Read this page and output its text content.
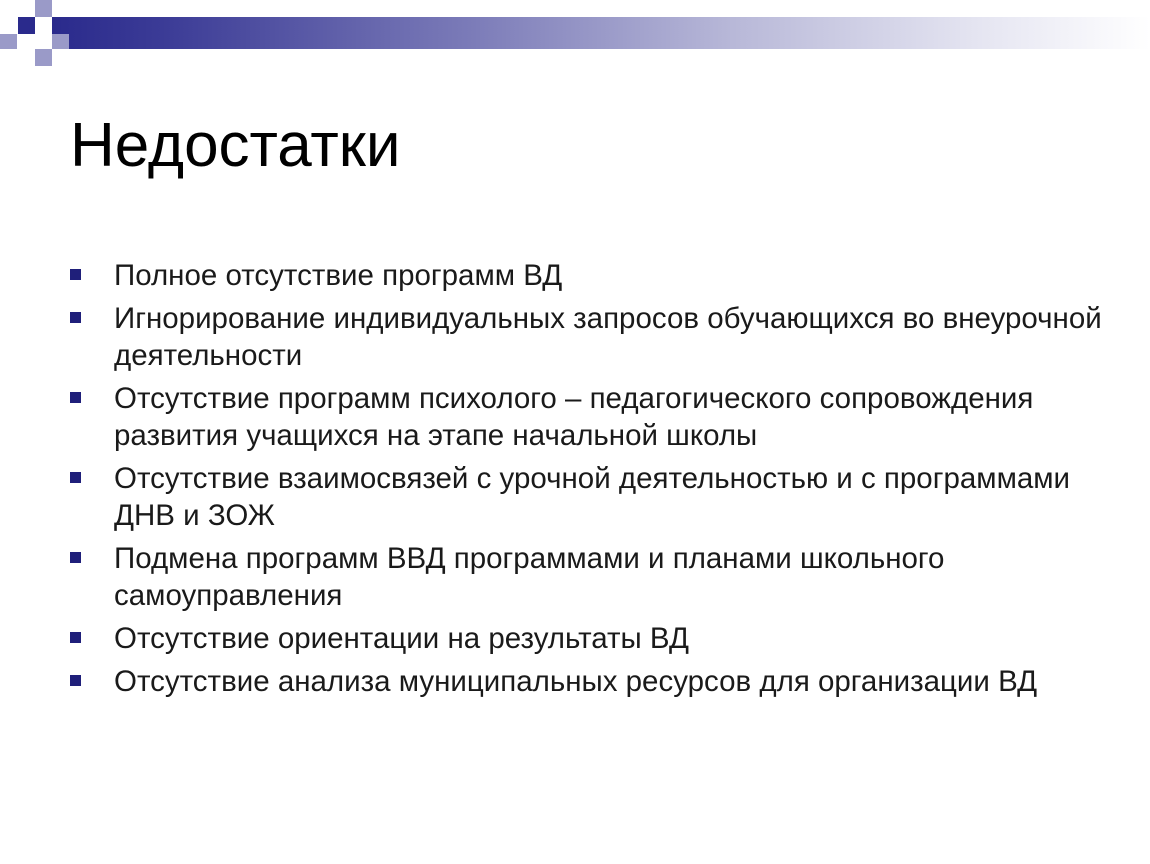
Недостатки
Полное отсутствие программ ВД
Игнорирование индивидуальных запросов обучающихся во внеурочной деятельности
Отсутствие программ психолого – педагогического сопровождения развития учащихся на этапе начальной школы
Отсутствие взаимосвязей с урочной деятельностью и с программами ДНВ и ЗОЖ
Подмена программ ВВД программами и планами школьного самоуправления
Отсутствие ориентации на результаты ВД
Отсутствие анализа муниципальных ресурсов для организации ВД
